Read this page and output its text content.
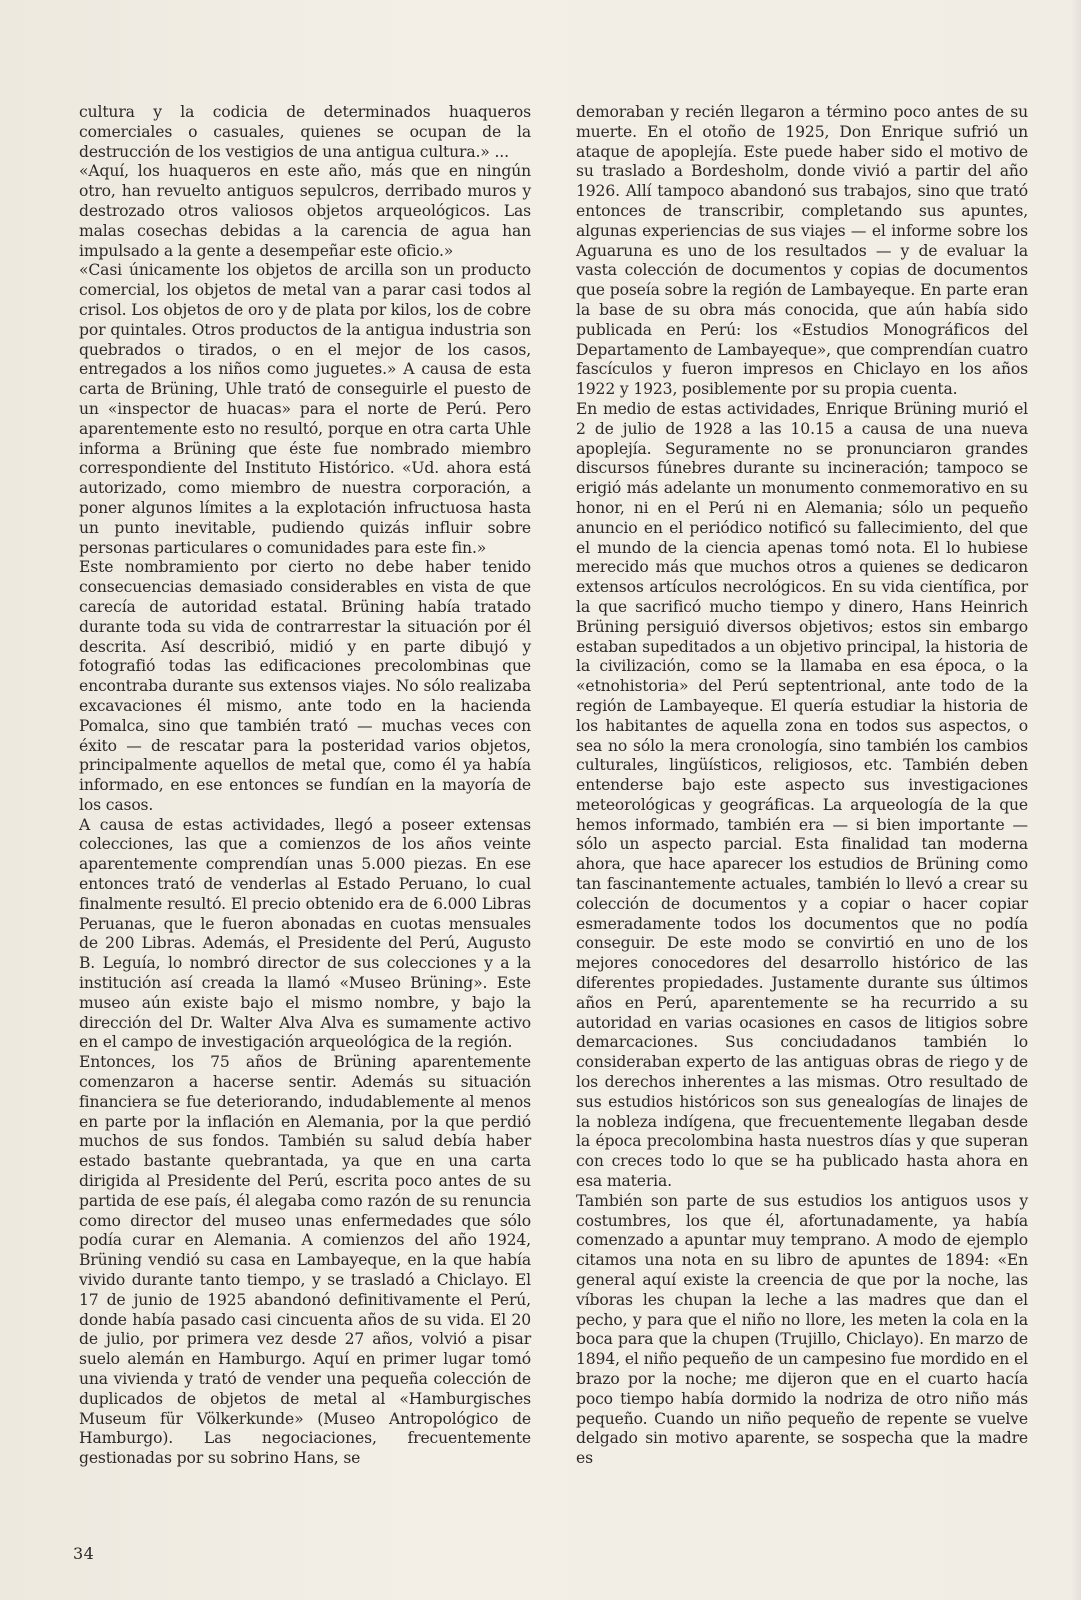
cultura y la codicia de determinados huaqueros comerciales o casuales, quienes se ocupan de la destrucción de los vestigios de una antigua cultura.» ...

«Aquí, los huaqueros en este año, más que en ningún otro, han revuelto antiguos sepulcros, derribado muros y destrozado otros valiosos objetos arqueológicos. Las malas cosechas debidas a la carencia de agua han impulsado a la gente a desempeñar este oficio.»

«Casi únicamente los objetos de arcilla son un producto comercial, los objetos de metal van a parar casi todos al crisol. Los objetos de oro y de plata por kilos, los de cobre por quintales. Otros productos de la antigua industria son quebrados o tirados, o en el mejor de los casos, entregados a los niños como juguetes.» A causa de esta carta de Brüning, Uhle trató de conseguirle el puesto de un «inspector de huacas» para el norte de Perú. Pero aparentemente esto no resultó, porque en otra carta Uhle informa a Brüning que éste fue nombrado miembro correspondiente del Instituto Histórico. «Ud. ahora está autorizado, como miembro de nuestra corporación, a poner algunos límites a la explotación infructuosa hasta un punto inevitable, pudiendo quizás influir sobre personas particulares o comunidades para este fin.»

Este nombramiento por cierto no debe haber tenido consecuencias demasiado considerables en vista de que carecía de autoridad estatal. Brüning había tratado durante toda su vida de contrarrestar la situación por él descrita. Así describió, midió y en parte dibujó y fotografió todas las edificaciones precolombinas que encontraba durante sus extensos viajes. No sólo realizaba excavaciones él mismo, ante todo en la hacienda Pomalca, sino que también trató — muchas veces con éxito — de rescatar para la posteridad varios objetos, principalmente aquellos de metal que, como él ya había informado, en ese entonces se fundían en la mayoría de los casos.

A causa de estas actividades, llegó a poseer extensas colecciones, las que a comienzos de los años veinte aparentemente comprendían unas 5.000 piezas. En ese entonces trató de venderlas al Estado Peruano, lo cual finalmente resultó. El precio obtenido era de 6.000 Libras Peruanas, que le fueron abonadas en cuotas mensuales de 200 Libras. Además, el Presidente del Perú, Augusto B. Leguía, lo nombró director de sus colecciones y a la institución así creada la llamó «Museo Brüning». Este museo aún existe bajo el mismo nombre, y bajo la dirección del Dr. Walter Alva Alva es sumamente activo en el campo de investigación arqueológica de la región.

Entonces, los 75 años de Brüning aparentemente comenzaron a hacerse sentir. Además su situación financiera se fue deteriorando, indudablemente al menos en parte por la inflación en Alemania, por la que perdió muchos de sus fondos. También su salud debía haber estado bastante quebrantada, ya que en una carta dirigida al Presidente del Perú, escrita poco antes de su partida de ese país, él alegaba como razón de su renuncia como director del museo unas enfermedades que sólo podía curar en Alemania. A comienzos del año 1924, Brüning vendió su casa en Lambayeque, en la que había vivido durante tanto tiempo, y se trasladó a Chiclayo. El 17 de junio de 1925 abandonó definitivamente el Perú, donde había pasado casi cincuenta años de su vida. El 20 de julio, por primera vez desde 27 años, volvió a pisar suelo alemán en Hamburgo. Aquí en primer lugar tomó una vivienda y trató de vender una pequeña colección de duplicados de objetos de metal al «Hamburgisches Museum für Völkerkunde» (Museo Antropológico de Hamburgo). Las negociaciones, frecuentemente gestionadas por su sobrino Hans, se

demoraban y recién llegaron a término poco antes de su muerte. En el otoño de 1925, Don Enrique sufrió un ataque de apoplejía. Este puede haber sido el motivo de su traslado a Bordesholm, donde vivió a partir del año 1926. Allí tampoco abandonó sus trabajos, sino que trató entonces de transcribir, completando sus apuntes, algunas experiencias de sus viajes — el informe sobre los Aguaruna es uno de los resultados — y de evaluar la vasta colección de documentos y copias de documentos que poseía sobre la región de Lambayeque. En parte eran la base de su obra más conocida, que aún había sido publicada en Perú: los «Estudios Monográficos del Departamento de Lambayeque», que comprendían cuatro fascículos y fueron impresos en Chiclayo en los años 1922 y 1923, posiblemente por su propia cuenta.

En medio de estas actividades, Enrique Brüning murió el 2 de julio de 1928 a las 10.15 a causa de una nueva apoplejía. Seguramente no se pronunciaron grandes discursos fúnebres durante su incineración; tampoco se erigió más adelante un monumento conmemorativo en su honor, ni en el Perú ni en Alemania; sólo un pequeño anuncio en el periódico notificó su fallecimiento, del que el mundo de la ciencia apenas tomó nota. El lo hubiese merecido más que muchos otros a quienes se dedicaron extensos artículos necrológicos. En su vida científica, por la que sacrificó mucho tiempo y dinero, Hans Heinrich Brüning persiguió diversos objetivos; estos sin embargo estaban supeditados a un objetivo principal, la historia de la civilización, como se la llamaba en esa época, o la «etnohistoria» del Perú septentrional, ante todo de la región de Lambayeque. El quería estudiar la historia de los habitantes de aquella zona en todos sus aspectos, o sea no sólo la mera cronología, sino también los cambios culturales, lingüísticos, religiosos, etc. También deben entenderse bajo este aspecto sus investigaciones meteorológicas y geográficas. La arqueología de la que hemos informado, también era — si bien importante — sólo un aspecto parcial. Esta finalidad tan moderna ahora, que hace aparecer los estudios de Brüning como tan fascinantemente actuales, también lo llevó a crear su colección de documentos y a copiar o hacer copiar esmeradamente todos los documentos que no podía conseguir. De este modo se convirtió en uno de los mejores conocedores del desarrollo histórico de las diferentes propiedades. Justamente durante sus últimos años en Perú, aparentemente se ha recurrido a su autoridad en varias ocasiones en casos de litigios sobre demarcaciones. Sus conciudadanos también lo consideraban experto de las antiguas obras de riego y de los derechos inherentes a las mismas. Otro resultado de sus estudios históricos son sus genealogías de linajes de la nobleza indígena, que frecuentemente llegaban desde la época precolombina hasta nuestros días y que superan con creces todo lo que se ha publicado hasta ahora en esa materia.

También son parte de sus estudios los antiguos usos y costumbres, los que él, afortunadamente, ya había comenzado a apuntar muy temprano. A modo de ejemplo citamos una nota en su libro de apuntes de 1894: «En general aquí existe la creencia de que por la noche, las víboras les chupan la leche a las madres que dan el pecho, y para que el niño no llore, les meten la cola en la boca para que la chupen (Trujillo, Chiclayo). En marzo de 1894, el niño pequeño de un campesino fue mordido en el brazo por la noche; me dijeron que en el cuarto hacía poco tiempo había dormido la nodriza de otro niño más pequeño. Cuando un niño pequeño de repente se vuelve delgado sin motivo aparente, se sospecha que la madre es

34
